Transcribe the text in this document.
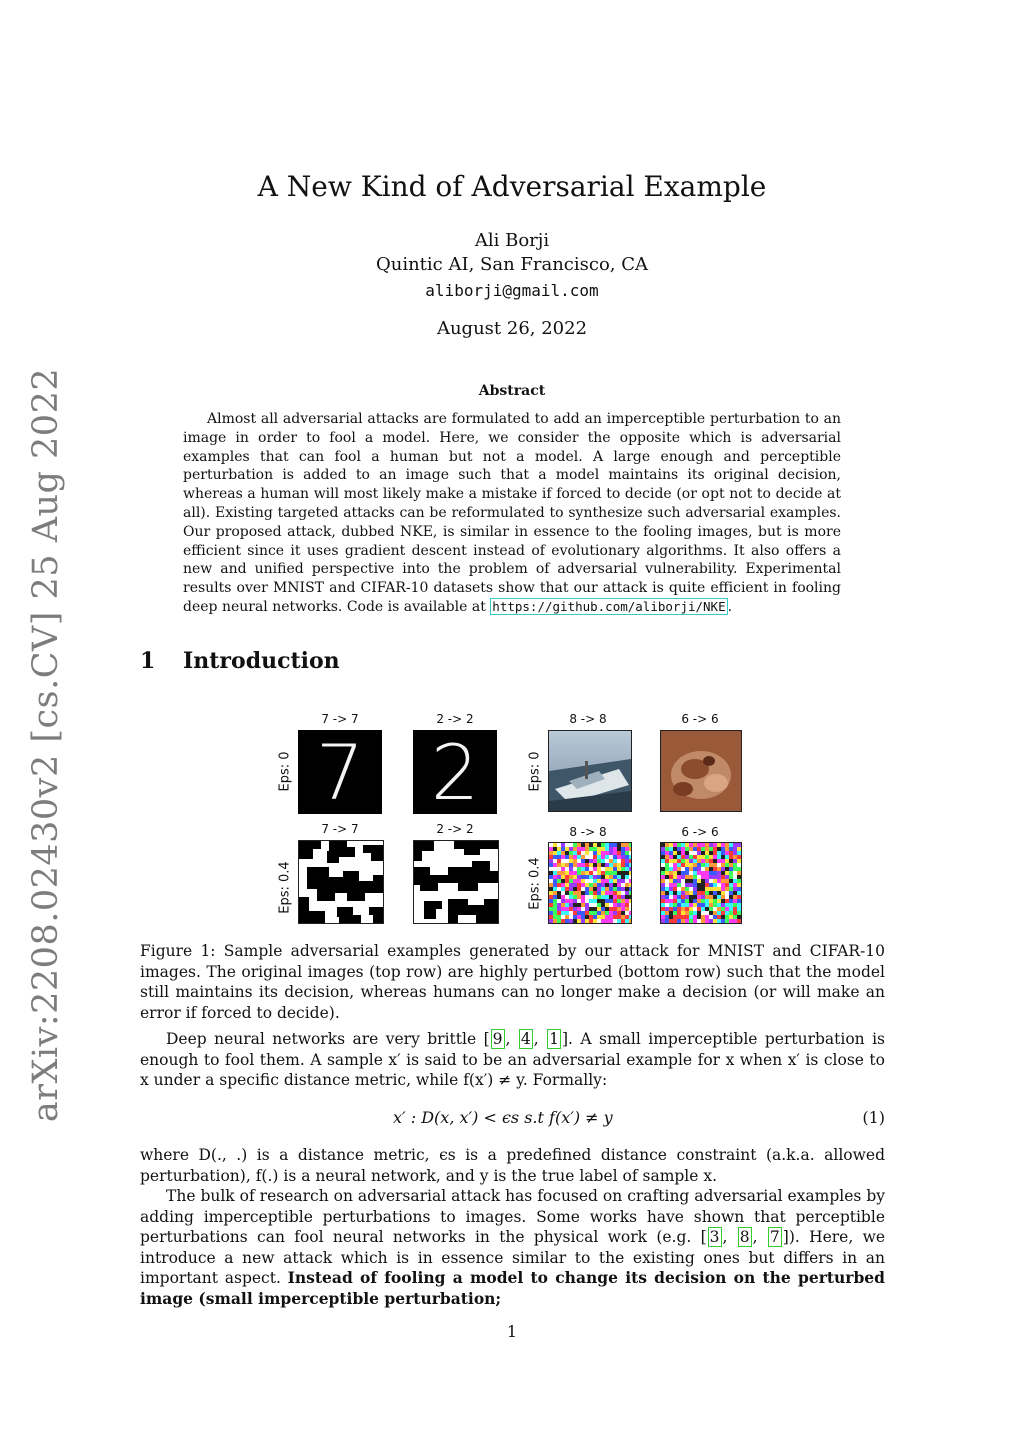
arXiv:2208.02430v2 [cs.CV] 25 Aug 2022
A New Kind of Adversarial Example
Ali Borji
Quintic AI, San Francisco, CA
aliborji@gmail.com
August 26, 2022
Abstract
Almost all adversarial attacks are formulated to add an imperceptible perturbation to an image in order to fool a model. Here, we consider the opposite which is adversarial examples that can fool a human but not a model. A large enough and perceptible perturbation is added to an image such that a model maintains its original decision, whereas a human will most likely make a mistake if forced to decide (or opt not to decide at all). Existing targeted attacks can be reformulated to synthesize such adversarial examples. Our proposed attack, dubbed NKE, is similar in essence to the fooling images, but is more efficient since it uses gradient descent instead of evolutionary algorithms. It also offers a new and unified perspective into the problem of adversarial vulnerability. Experimental results over MNIST and CIFAR-10 datasets show that our attack is quite efficient in fooling deep neural networks. Code is available at https://github.com/aliborji/NKE .
1 Introduction
Eps: 0	Eps: 0
Eps: 0.4	Eps: 0.4
7 -> 7	2 -> 2	8 -> 8	6 -> 6
7 -> 7	2 -> 2	8 -> 8	6 -> 6
7 2
Figure 1: Sample adversarial examples generated by our attack for MNIST and CIFAR-10 images. The original images (top row) are highly perturbed (bottom row) such that the model still maintains its decision, whereas humans can no longer make a decision (or will make an error if forced to decide).
Deep neural networks are very brittle [ 9 , 4 , 1 ]. A small imperceptible perturbation is enough to fool them. A sample x′ is said to be an adversarial example for x when x′ is close to x under a specific distance metric, while f(x′) ≠ y. Formally:
x′ : D(x, x′) < ϵs s.t f(x′) ≠ y	(1)
where D(., .) is a distance metric, ϵs is a predefined distance constraint (a.k.a. allowed perturbation), f(.) is a neural network, and y is the true label of sample x.
The bulk of research on adversarial attack has focused on crafting adversarial examples by adding imperceptible perturbations to images. Some works have shown that perceptible perturbations can fool neural networks in the physical work (e.g. [ 3 , 8 , 7 ]). Here, we introduce a new attack which is in essence similar to the existing ones but differs in an important aspect. Instead of fooling a model to change its decision on the perturbed image (small imperceptible perturbation;
1
